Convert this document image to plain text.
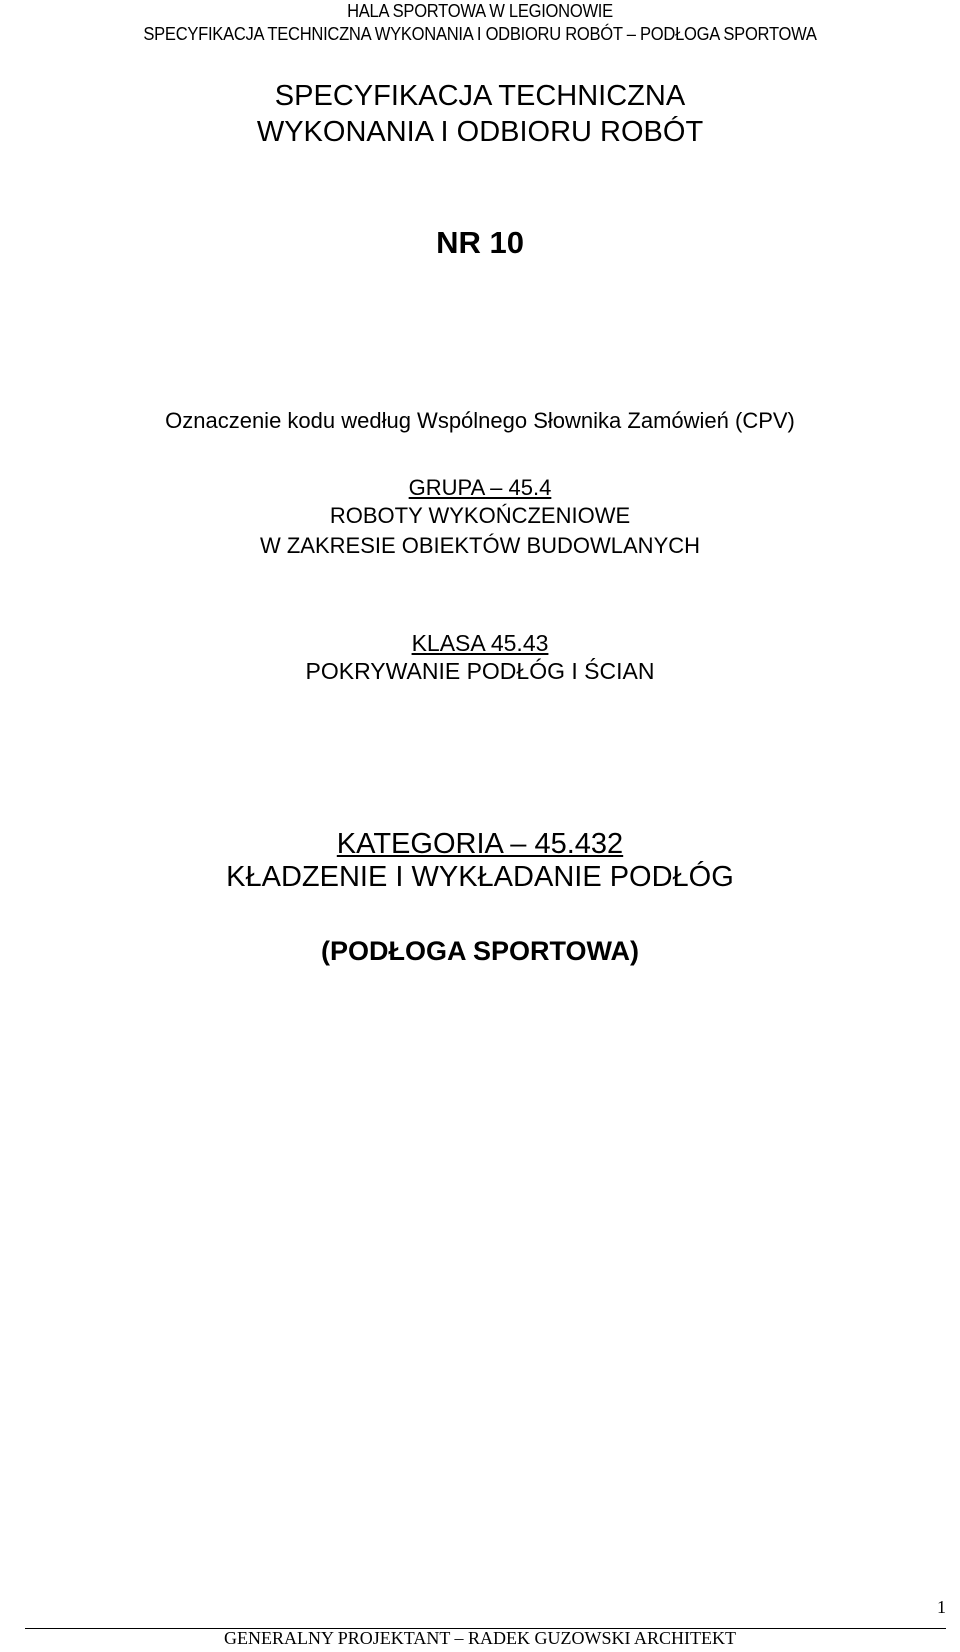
HALA SPORTOWA W LEGIONOWIE
SPECYFIKACJA TECHNICZNA WYKONANIA I ODBIORU ROBÓT – PODŁOGA SPORTOWA
SPECYFIKACJA TECHNICZNA
WYKONANIA I ODBIORU ROBÓT
NR 10
Oznaczenie kodu według Wspólnego Słownika Zamówień (CPV)
GRUPA – 45.4
ROBOTY WYKOŃCZENIOWE
W ZAKRESIE OBIEKTÓW BUDOWLANYCH
KLASA 45.43
POKRYWANIE PODŁÓG I ŚCIAN
KATEGORIA – 45.432
KŁADZENIE I WYKŁADANIE PODŁÓG
(PODŁOGA SPORTOWA)
1
GENERALNY PROJEKTANT – RADEK GUZOWSKI ARCHITEKT
